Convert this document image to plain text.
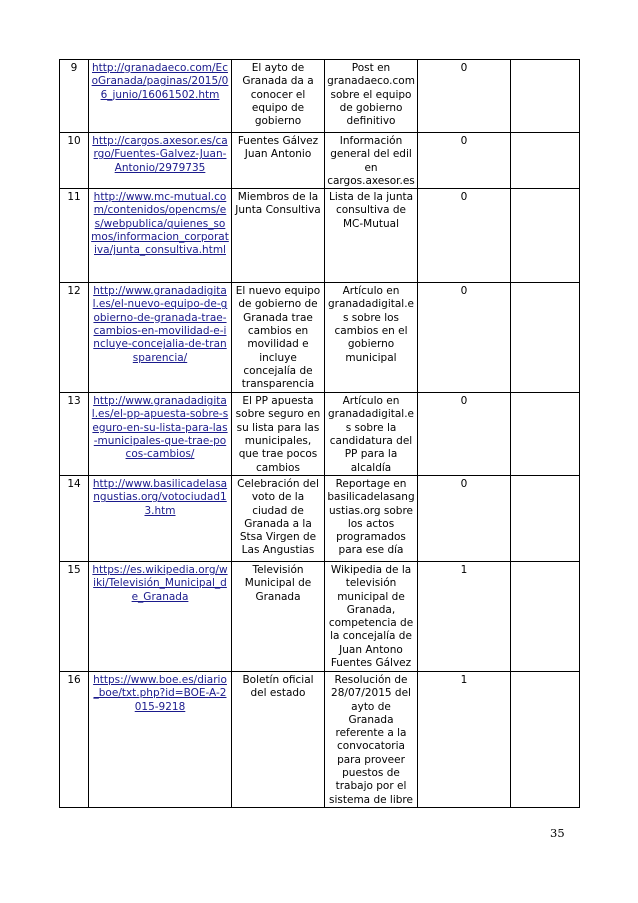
9	http://granadaeco.com/EcoGranada/paginas/2015/06_junio/16061502.htm	El ayto de Granada da a conocer el equipo de gobierno	Post en granadaeco.com sobre el equipo de gobierno definitivo	0	
10	http://cargos.axesor.es/cargo/Fuentes-Galvez-Juan-Antonio/2979735	Fuentes Gálvez Juan Antonio	Información general del edil en cargos.axesor.es	0	
11	http://www.mc-mutual.com/contenidos/opencms/es/webpublica/quienes_somos/informacion_corporativa/junta_consultiva.html	Miembros de la Junta Consultiva	Lista de la junta consultiva de MC-Mutual	0	
12	http://www.granadadigital.es/el-nuevo-equipo-de-gobierno-de-granada-trae-cambios-en-movilidad-e-incluye-concejalia-de-transparencia/	El nuevo equipo de gobierno de Granada trae cambios en movilidad e incluye concejalía de transparencia	Artículo en granadadigital.es sobre los cambios en el gobierno municipal	0	
13	http://www.granadadigital.es/el-pp-apuesta-sobre-seguro-en-su-lista-para-las-municipales-que-trae-pocos-cambios/	El PP apuesta sobre seguro en su lista para las municipales, que trae pocos cambios	Artículo en granadadigital.es sobre la candidatura del PP para la alcaldía	0	
14	http://www.basilicadelasangustias.org/votociudad13.htm	Celebración del voto de la ciudad de Granada a la Stsa Virgen de Las Angustias	Reportage en basilicadelasangustias.org sobre los actos programados para ese día	0	
15	https://es.wikipedia.org/wiki/Televisión_Municipal_de_Granada	Televisión Municipal de Granada	Wikipedia de la televisión municipal de Granada, competencia de la concejalía de Juan Antono Fuentes Gálvez	1	
16	https://www.boe.es/diario_boe/txt.php?id=BOE-A-2015-9218	Boletín oficial del estado	Resolución de 28/07/2015 del ayto de Granada referente a la convocatoria para proveer puestos de trabajo por el sistema de libre	1	
35
